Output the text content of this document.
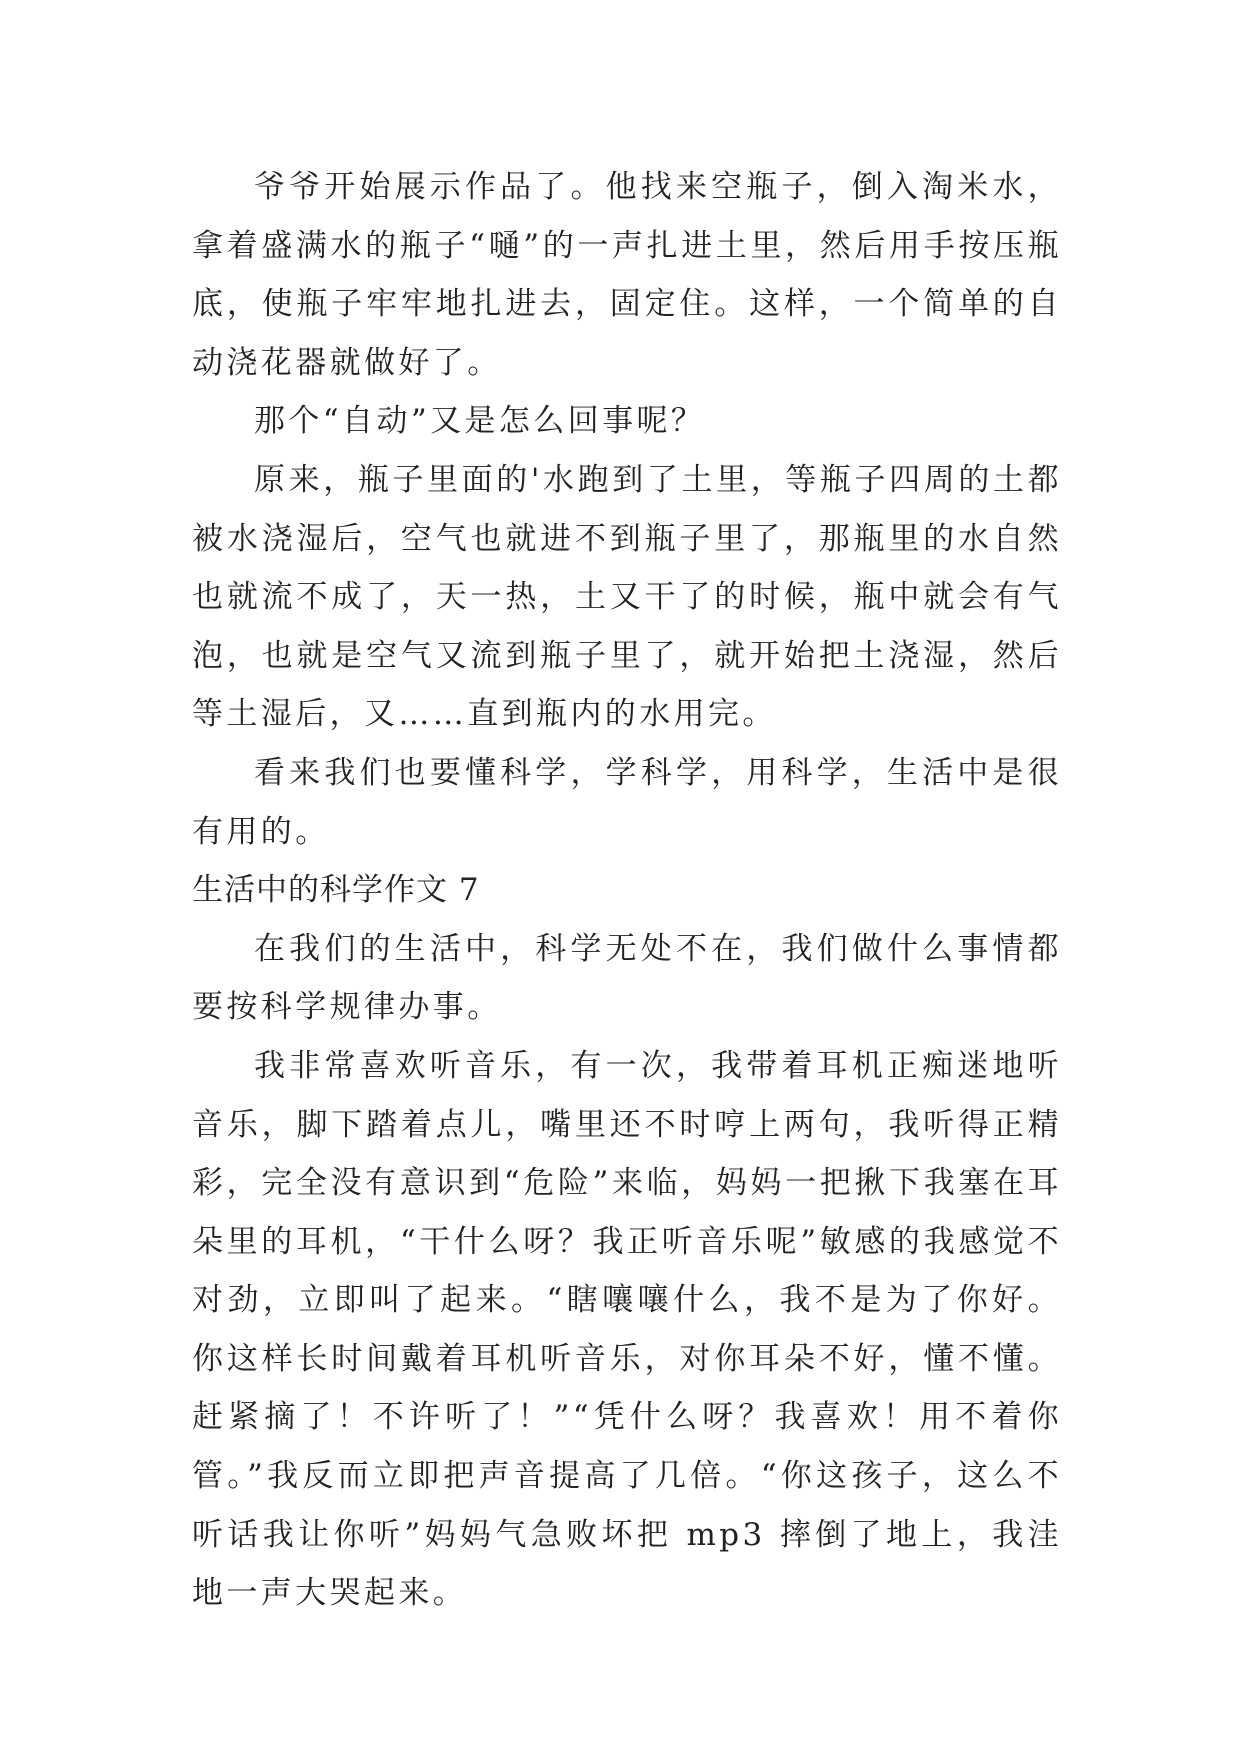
爷爷开始展示作品了。他找来空瓶子，倒入淘米水，拿着盛满水的瓶子“嗵”的一声扎进土里，然后用手按压瓶底，使瓶子牢牢地扎进去，固定住。这样，一个简单的自动浇花器就做好了。

那个“自动”又是怎么回事呢？

原来，瓶子里面的'水跑到了土里，等瓶子四周的土都被水浇湿后，空气也就进不到瓶子里了，那瓶里的水自然也就流不成了，天一热，土又干了的时候，瓶中就会有气泡，也就是空气又流到瓶子里了，就开始把土浇湿，然后等土湿后，又……直到瓶内的水用完。

看来我们也要懂科学，学科学，用科学，生活中是很有用的。

生活中的科学作文 7

在我们的生活中，科学无处不在，我们做什么事情都要按科学规律办事。

我非常喜欢听音乐，有一次，我带着耳机正痴迷地听音乐，脚下踏着点儿，嘴里还不时哼上两句，我听得正精彩，完全没有意识到“危险”来临，妈妈一把揪下我塞在耳朵里的耳机，“干什么呀？我正听音乐呢”敏感的我感觉不对劲，立即叫了起来。“瞎嚷嚷什么，我不是为了你好。你这样长时间戴着耳机听音乐，对你耳朵不好，懂不懂。赶紧摘了！不许听了！”“凭什么呀？我喜欢！用不着你管。”我反而立即把声音提高了几倍。“你这孩子，这么不听话我让你听”妈妈气急败坏把 mp3 摔倒了地上，我洼地一声大哭起来。
